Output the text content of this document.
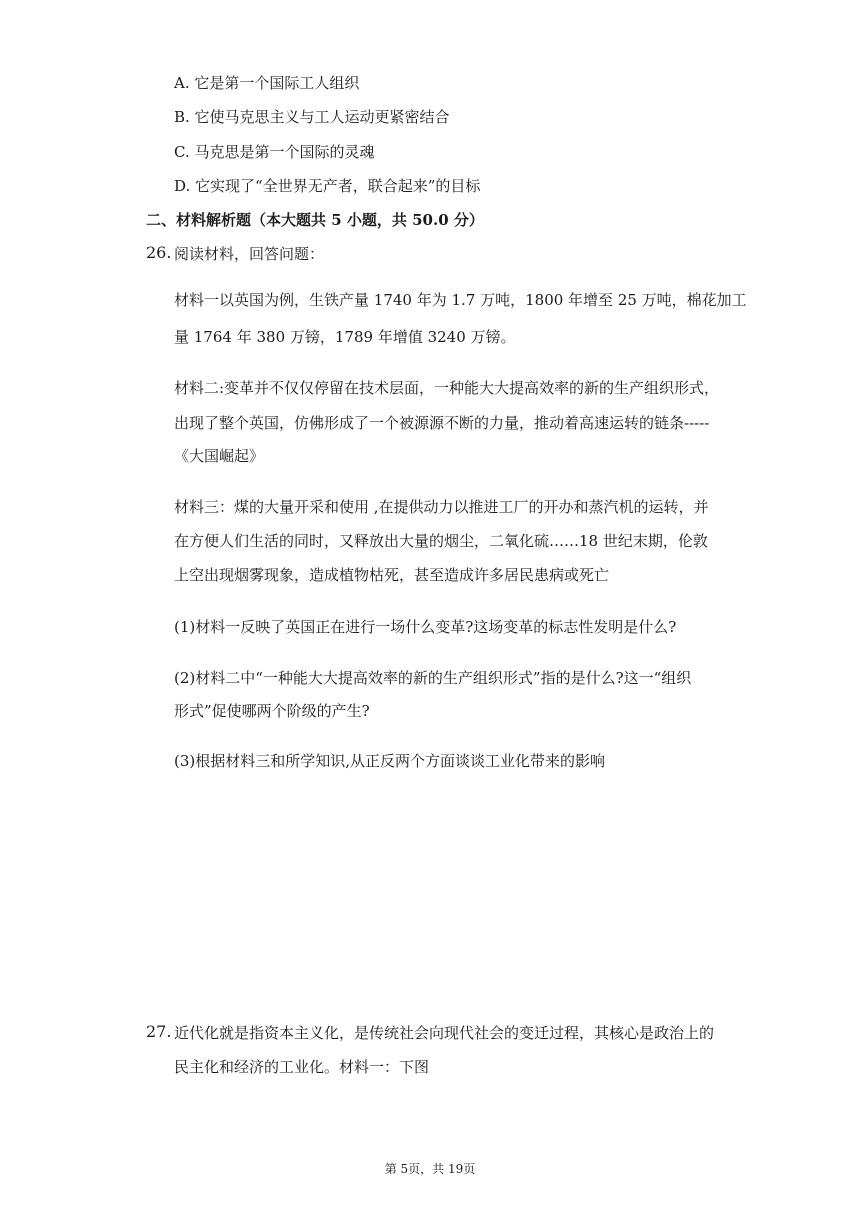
A. 它是第一个国际工人组织
B. 它使马克思主义与工人运动更紧密结合
C. 马克思是第一个国际的灵魂
D. 它实现了“全世界无产者，联合起来”的目标
二、材料解析题（本大题共 5 小题，共 50.0 分）
26. 阅读材料，回答问题：
材料一以英国为例，生铁产量 1740 年为 1.7 万吨，1800 年增至 25 万吨，棉花加工
量 1764 年 380 万镑，1789 年增值 3240 万镑。
材料二:变革并不仅仅停留在技术层面，一种能大大提高效率的新的生产组织形式，
出现了整个英国，仿佛形成了一个被源源不断的力量，推动着高速运转的链条-----
《大国崛起》
材料三：煤的大量开采和使用 ,在提供动力以推进工厂的开办和蒸汽机的运转，并
在方便人们生活的同时，又释放出大量的烟尘，二氧化硫……18 世纪末期，伦敦
上空出现烟雾现象，造成植物枯死，甚至造成许多居民患病或死亡
(1)材料一反映了英国正在进行一场什么变革?这场变革的标志性发明是什么?
(2)材料二中“一种能大大提高效率的新的生产组织形式”指的是什么?这一“组织
形式”促使哪两个阶级的产生?
(3)根据材料三和所学知识,从正反两个方面谈谈工业化带来的影响
27. 近代化就是指资本主义化，是传统社会向现代社会的变迁过程，其核心是政治上的
民主化和经济的工业化。材料一：下图
第 5页，共 19页
